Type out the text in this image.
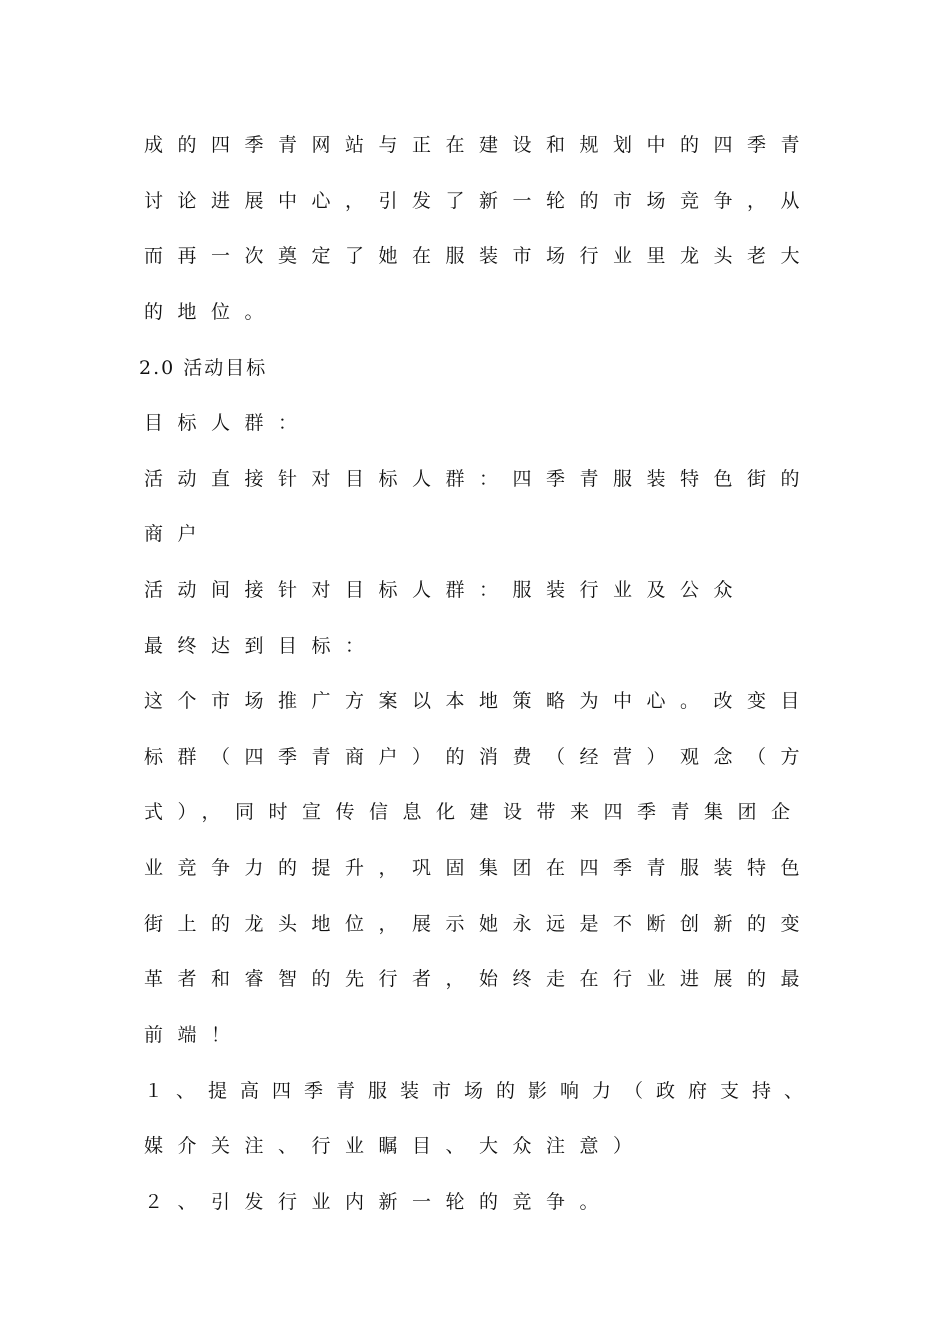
成的四季青网站与正在建设和规划中的四季青
讨论进展中心，引发了新一轮的市场竞争，从
而再一次奠定了她在服装市场行业里龙头老大
的地位。
2.0 活动目标
目标人群：
活动直接针对目标人群：四季青服装特色街的
商户
活动间接针对目标人群：服装行业及公众
最终达到目标：
这个市场推广方案以本地策略为中心。改变目
标群（四季青商户）的消费（经营）观念（方
式），同时宣传信息化建设带来四季青集团企
业竞争力的提升，巩固集团在四季青服装特色
街上的龙头地位，展示她永远是不断创新的变
革者和睿智的先行者，始终走在行业进展的最
前端！
１、提高四季青服装市场的影响力（政府支持、
媒介关注、行业瞩目、大众注意）
２、引发行业内新一轮的竞争。
